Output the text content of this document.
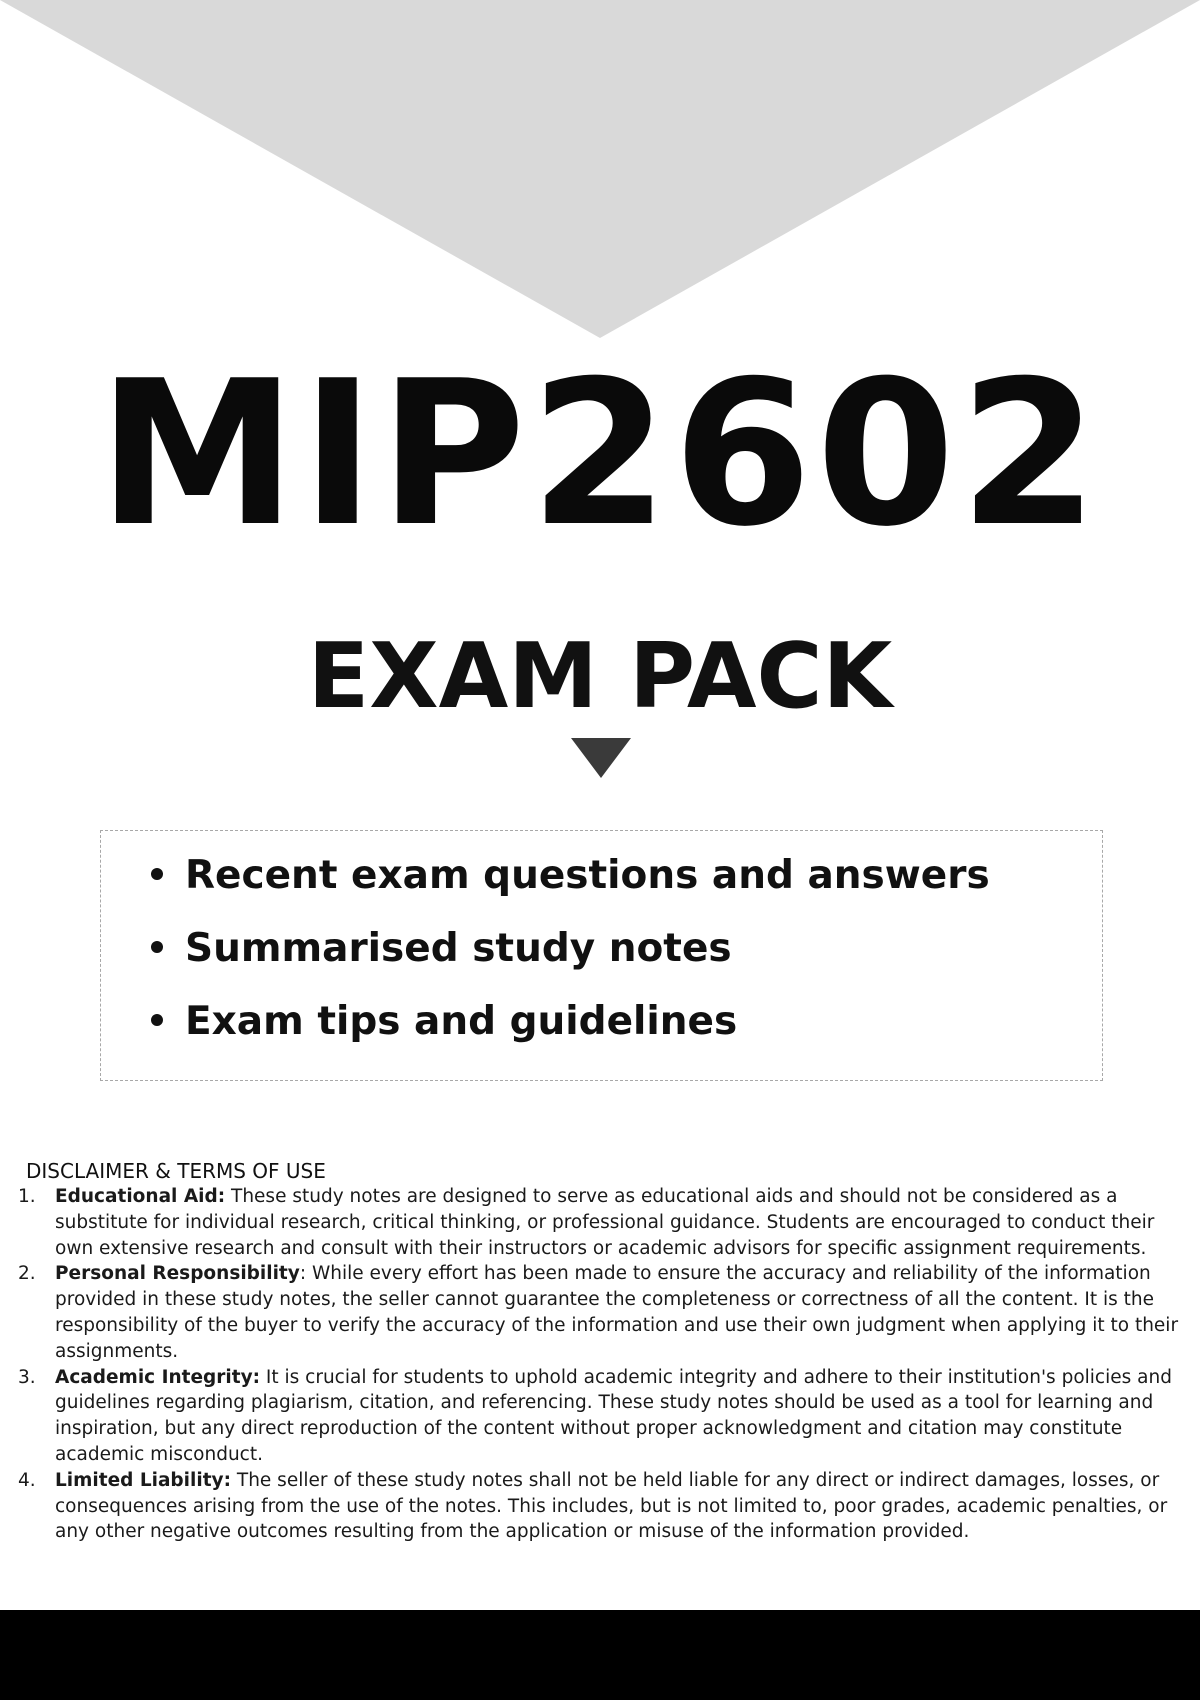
MIP2602
EXAM PACK
Recent exam questions and answers
Summarised study notes
Exam tips and guidelines

DISCLAIMER & TERMS OF USE

1. Educational Aid: These study notes are designed to serve as educational aids and should not be considered as a substitute for individual research, critical thinking, or professional guidance. Students are encouraged to conduct their own extensive research and consult with their instructors or academic advisors for specific assignment requirements.
2. Personal Responsibility: While every effort has been made to ensure the accuracy and reliability of the information provided in these study notes, the seller cannot guarantee the completeness or correctness of all the content. It is the responsibility of the buyer to verify the accuracy of the information and use their own judgment when applying it to their assignments.
3. Academic Integrity: It is crucial for students to uphold academic integrity and adhere to their institution's policies and guidelines regarding plagiarism, citation, and referencing. These study notes should be used as a tool for learning and inspiration, but any direct reproduction of the content without proper acknowledgment and citation may constitute academic misconduct.
4. Limited Liability: The seller of these study notes shall not be held liable for any direct or indirect damages, losses, or consequences arising from the use of the notes. This includes, but is not limited to, poor grades, academic penalties, or any other negative outcomes resulting from the application or misuse of the information provided.
